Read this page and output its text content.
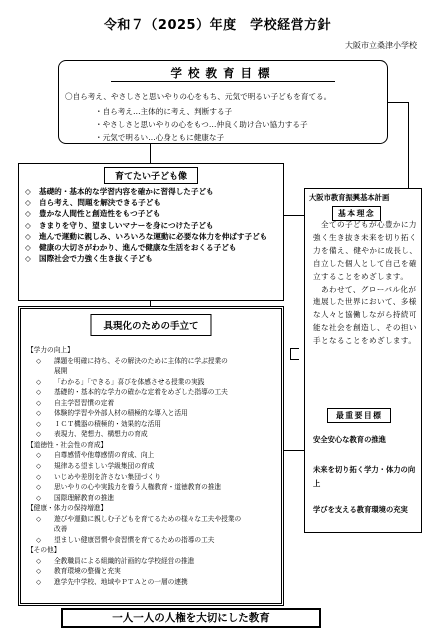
令和７（2025）年度　学校経営方針
大阪市立桑津小学校
学校教育目標
〇自ら考え、やさしさと思いやりの心をもち、元気で明るい子どもを育てる。
・自ら考え…主体的に考え、判断する子
・やさしさと思いやりの心をもつ…仲良く助け合い協力する子
・元気で明るい…心身ともに健康な子
育てたい子ども像
◇	基礎的・基本的な学習内容を確かに習得した子ども
◇	自ら考え、問題を解決できる子ども
◇	豊かな人間性と創造性をもつ子ども
◇	きまりを守り、望ましいマナーを身につけた子ども
◇	進んで運動に親しみ、いろいろな運動に必要な体力を伸ばす子ども
◇	健康の大切さがわかり、進んで健康な生活をおくる子ども
◇	国際社会で力強く生き抜く子ども
具現化のための手立て
【学力の向上】
◇	課題を明確に持ち、その解決のために主体的に学ぶ授業の
展開
◇	「わかる」「できる」喜びを体感させる授業の実践
◇	基礎的・基本的な学力の確かな定着をめざした指導の工夫
◇	自主学習習慣の定着
◇	体験的学習や外部人材の積極的な導入と活用
◇	ＩＣＴ機器の積極的・効果的な活用
◇	表現力、発想力、構想力の育成
【道徳性・社会性の育成】
◇	自尊感情や他尊感情の育成、向上
◇	規律ある望ましい学級集団の育成
◇	いじめや差別を許さない集団づくり
◇	思いやりの心や実践力を養う人権教育・道徳教育の推進
◇	国際理解教育の推進
【健康・体力の保持増進】
◇	遊びや運動に親しむ子どもを育てるための様々な工夫や授業の
改善
◇	望ましい健康習慣や食習慣を育てるための指導の工夫
【その他】
◇	全教職員による組織的計画的な学校経営の推進
◇	教育環境の整備と充実
◇	進学先中学校、地域やＰＴＡとの一層の連携
大阪市教育振興基本計画
基本理念
　全ての子どもが心豊かに力強く生き抜き未来を切り拓く力を備え、健やかに成長し、自立した個人として自己を確立することをめざします。
　あわせて、グローバル化が進展した世界において、多様な人々と協働しながら持続可能な社会を創造し、その担い手となることをめざします。
最重要目標
安全安心な教育の推進
未来を切り拓く学力・体力の向上
学びを支える教育環境の充実
一人一人の人権を大切にした教育
